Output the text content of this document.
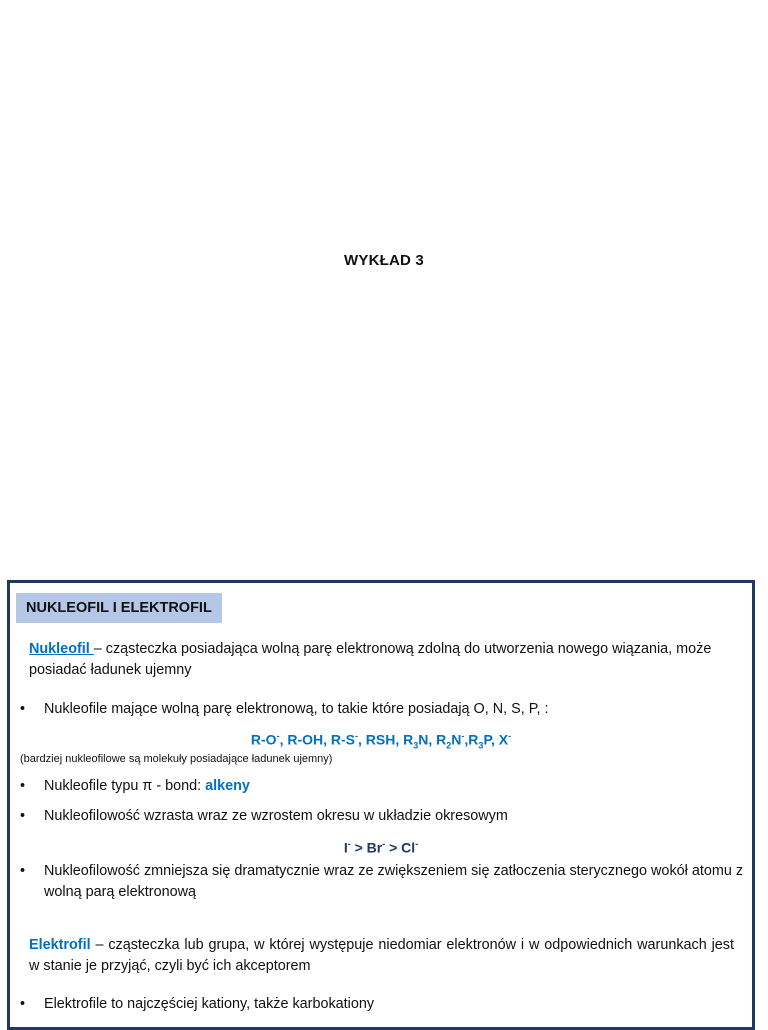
WYKŁAD 3
NUKLEOFIL I ELEKTROFIL
Nukleofil – cząsteczka posiadająca wolną parę elektronową zdolną do utworzenia nowego wiązania, może posiadać ładunek ujemny
• Nukleofile mające wolną parę elektronową, to takie które posiadają O, N, S, P, :
R-O-, R-OH, R-S-, RSH, $R_3N$, $R_2N^-,R_3P$, X-
(bardziej nukleofilowe są molekuły posiadające ładunek ujemny)
• Nukleofile typu π - bond: alkeny
• Nukleofilowość wzrasta wraz ze wzrostem okresu w układzie okresowym
I- > Br- > Cl-
• Nukleofilowość zmniejsza się dramatycznie wraz ze zwiększeniem się zatłoczenia sterycznego wokół atomu z wolną parą elektronową
Elektrofil – cząsteczka lub grupa, w której występuje niedomiar elektronów i w odpowiednich warunkach jest w stanie je przyjąć, czyli być ich akceptorem
• Elektrofile to najczęściej kationy, także karbokationy
